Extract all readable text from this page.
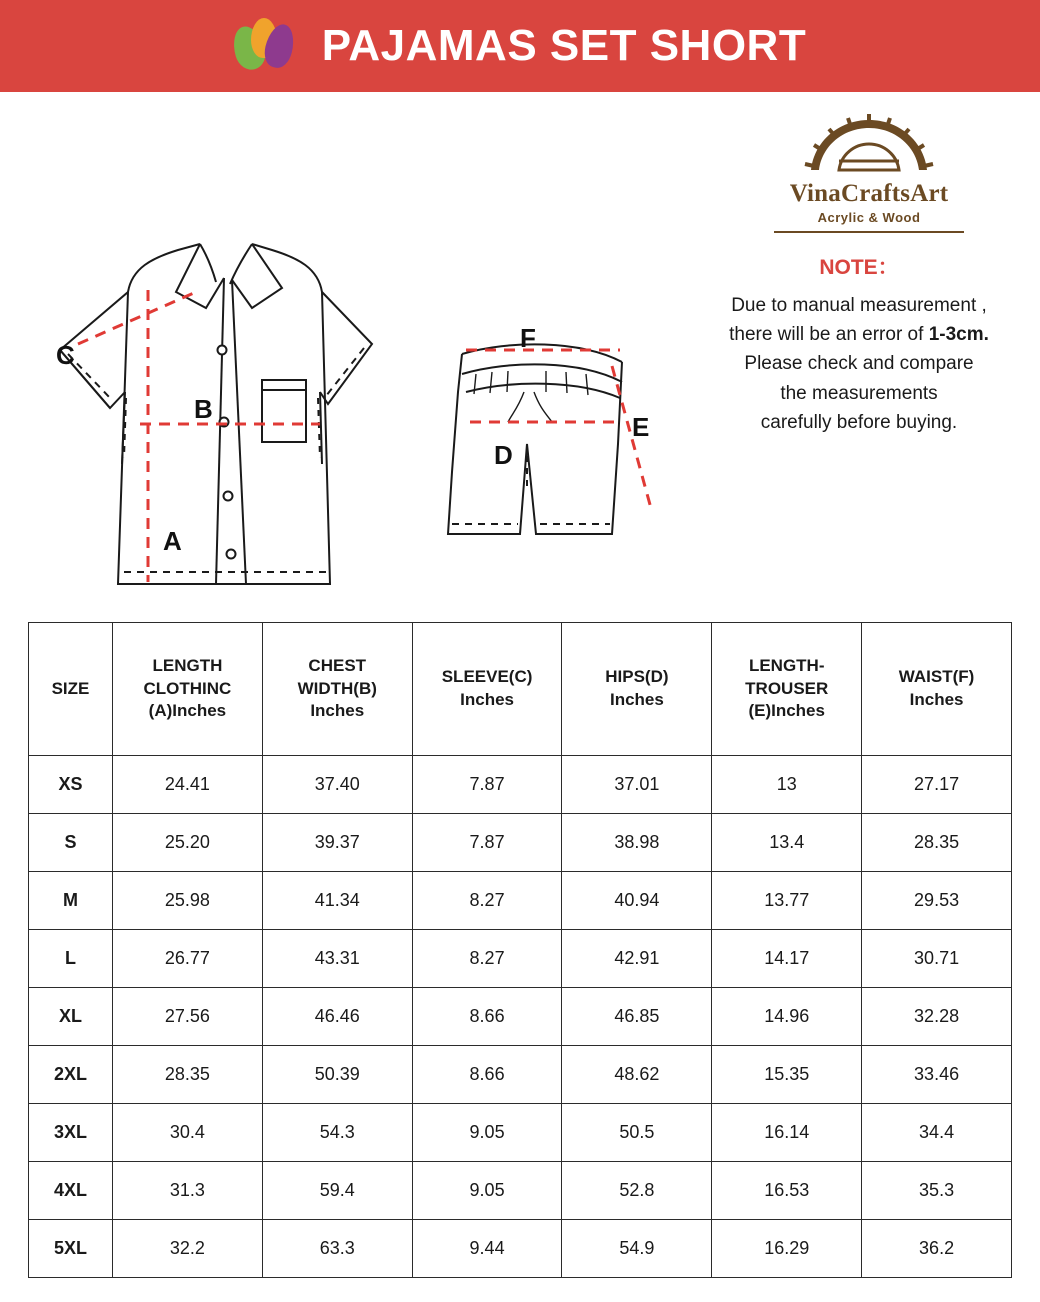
PAJAMAS SET SHORT
C
B
A
F
D
E
VinaCraftsArt
Acrylic & Wood
NOTE：
Due to manual measurement ,
there will be an error of 1-3cm.
Please check and compare
the measurements
carefully before buying.
SIZE

LENGTH
CLOTHINC
(A)Inches

CHEST
WIDTH(B)
Inches

SLEEVE(C)
Inches

HIPS(D)
Inches

LENGTH-
TROUSER
(E)Inches

WAIST(F)
Inches

XS	24.41	37.40	7.87	37.01	13	27.17
S	25.20	39.37	7.87	38.98	13.4	28.35
M	25.98	41.34	8.27	40.94	13.77	29.53
L	26.77	43.31	8.27	42.91	14.17	30.71
XL	27.56	46.46	8.66	46.85	14.96	32.28
2XL	28.35	50.39	8.66	48.62	15.35	33.46
3XL	30.4	54.3	9.05	50.5	16.14	34.4
4XL	31.3	59.4	9.05	52.8	16.53	35.3
5XL	32.2	63.3	9.44	54.9	16.29	36.2
